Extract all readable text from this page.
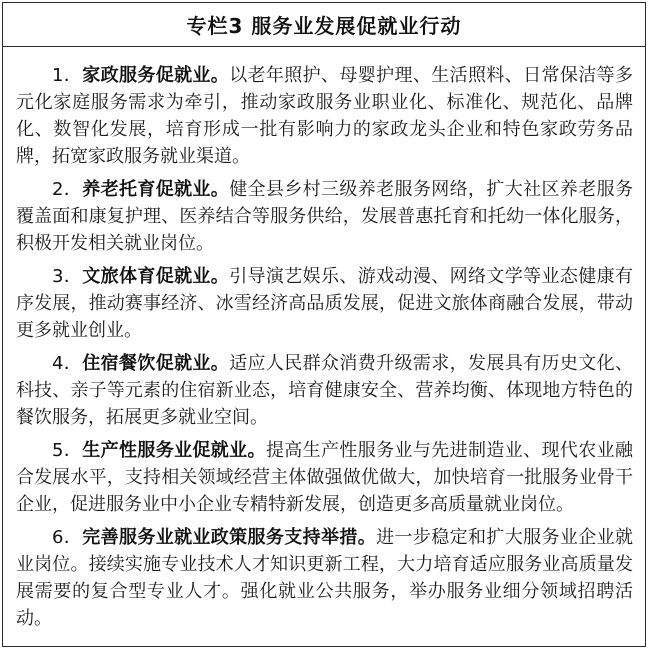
专栏3 服务业发展促就业行动

1．家政服务促就业。以老年照护、母婴护理、生活照料、日常保洁等多元化家庭服务需求为牵引，推动家政服务业职业化、标准化、规范化、品牌化、数智化发展，培育形成一批有影响力的家政龙头企业和特色家政劳务品牌，拓宽家政服务就业渠道。

2．养老托育促就业。健全县乡村三级养老服务网络，扩大社区养老服务覆盖面和康复护理、医养结合等服务供给，发展普惠托育和托幼一体化服务，积极开发相关就业岗位。

3．文旅体育促就业。引导演艺娱乐、游戏动漫、网络文学等业态健康有序发展，推动赛事经济、冰雪经济高品质发展，促进文旅体商融合发展，带动更多就业创业。

4．住宿餐饮促就业。适应人民群众消费升级需求，发展具有历史文化、科技、亲子等元素的住宿新业态，培育健康安全、营养均衡、体现地方特色的餐饮服务，拓展更多就业空间。

5．生产性服务业促就业。提高生产性服务业与先进制造业、现代农业融合发展水平，支持相关领域经营主体做强做优做大，加快培育一批服务业骨干企业，促进服务业中小企业专精特新发展，创造更多高质量就业岗位。

6．完善服务业就业政策服务支持举措。进一步稳定和扩大服务业企业就业岗位。接续实施专业技术人才知识更新工程，大力培育适应服务业高质量发展需要的复合型专业人才。强化就业公共服务，举办服务业细分领域招聘活动。
